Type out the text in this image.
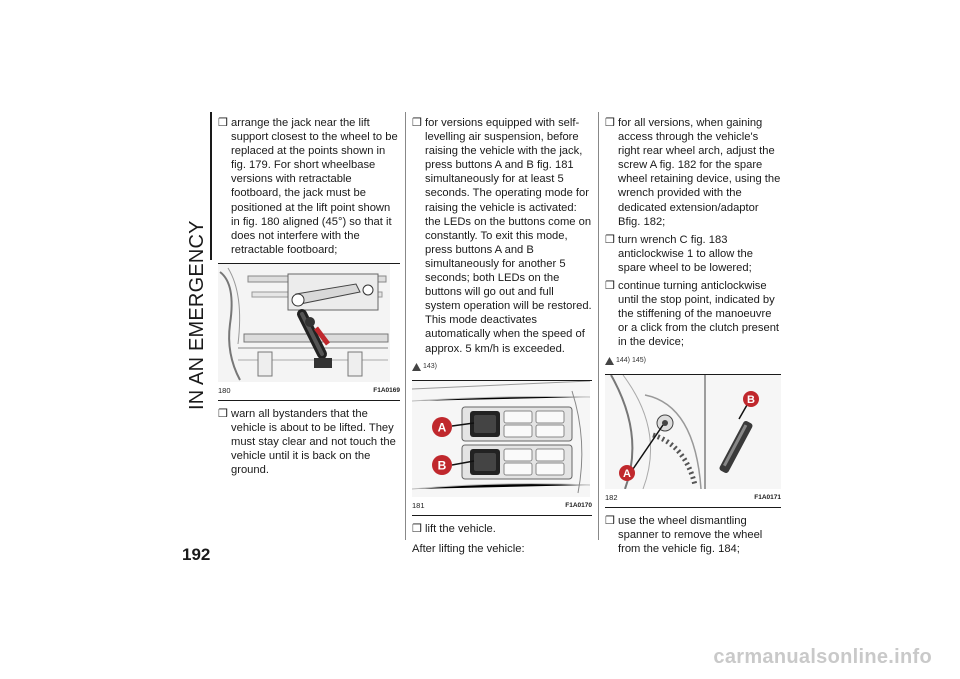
IN AN EMERGENCY
192
❒ arrange the jack near the lift support closest to the wheel to be replaced at the points shown in fig. 179. For short wheelbase versions with retractable footboard, the jack must be positioned at the lift point shown in fig. 180 aligned (45°) so that it does not interfere with the retractable footboard;
180	F1A0169
❒ warn all bystanders that the vehicle is about to be lifted. They must stay clear and not touch the vehicle until it is back on the ground.
❒ for versions equipped with self-levelling air suspension, before raising the vehicle with the jack, press buttons A and B fig. 181 simultaneously for at least 5 seconds. The operating mode for raising the vehicle is activated: the LEDs on the buttons come on constantly. To exit this mode, press buttons A and B simultaneously for another 5 seconds; both LEDs on the buttons will go out and full system operation will be restored. This mode deactivates automatically when the speed of approx. 5 km/h is exceeded.
143)
A
B
181	F1A0170
❒ lift the vehicle.
After lifting the vehicle:
❒ for all versions, when gaining access through the vehicle's right rear wheel arch, adjust the screw A fig. 182 for the spare wheel retaining device, using the wrench provided with the dedicated extension/adaptor Bfig. 182;
❒ turn wrench C fig. 183 anticlockwise 1 to allow the spare wheel to be lowered;
❒ continue turning anticlockwise until the stop point, indicated by the stiffening of the manoeuvre or a click from the clutch present in the device;
144) 145)
A
B
182	F1A0171
❒ use the wheel dismantling spanner to remove the wheel from the vehicle fig. 184;
carmanualsonline.info
